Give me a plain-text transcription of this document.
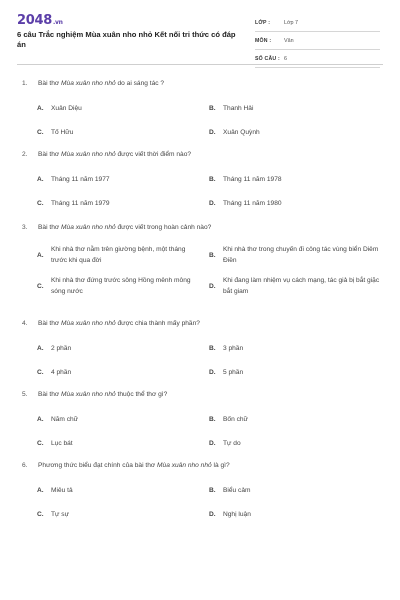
2048.vn
6 câu Trắc nghiệm Mùa xuân nho nhỏ Kết nối tri thức có đáp án
LỚP :	Lớp 7
MÔN :	Văn
SỐ CÂU : 6
1.	Bài thơ Mùa xuân nho nhỏ do ai sáng tác ?
A.	Xuân Diệu	B.	Thanh Hải
C.	Tố Hữu	D.	Xuân Quỳnh
2.	Bài thơ Mùa xuân nho nhỏ được viết thời điểm nào?
A.	Tháng 11 năm 1977	B.	Tháng 11 năm 1978
C.	Tháng 11 năm 1979	D.	Tháng 11 năm 1980
3.	Bài thơ Mùa xuân nho nhỏ được viết trong hoàn cảnh nào?
A.
Khi nhà thơ nằm trên giường bệnh, một tháng trước khi qua đời
B.
Khi nhà thơ trong chuyến đi công tác vùng biển Diêm Điền
C.
Khi nhà thơ đứng trước sông Hồng mênh mông sóng nước
D.
Khi đang làm nhiệm vụ cách mạng, tác giả bị bắt giặc bắt giam
4.	Bài thơ Mùa xuân nho nhỏ được chia thành mấy phần?
A.	2 phần	B.	3 phần
C.	4 phần	D.	5 phần
5.	Bài thơ Mùa xuân nho nhỏ thuộc thể thơ gì?
A.	Năm chữ	B.	Bốn chữ
C.	Lục bát	D.	Tự do
6.	Phương thức biểu đạt chính của bài thơ Mùa xuân nho nhỏ là gì?
A.	Miêu tả	B.	Biểu cảm
C.	Tự sự	D.	Nghị luận
